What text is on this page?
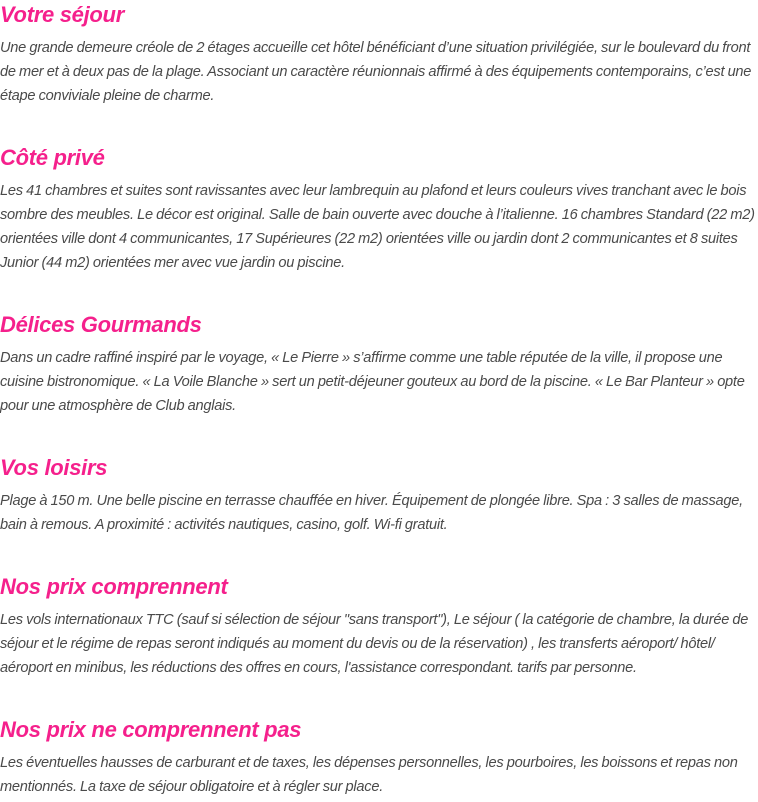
Votre séjour

Une grande demeure créole de 2 étages accueille cet hôtel bénéficiant d’une situation privilégiée, sur le boulevard du front de mer et à deux pas de la plage. Associant un caractère réunionnais affirmé à des équipements contemporains, c’est une étape conviviale pleine de charme.

Côté privé

Les 41 chambres et suites sont ravissantes avec leur lambrequin au plafond et leurs couleurs vives tranchant avec le bois sombre des meubles. Le décor est original. Salle de bain ouverte avec douche à l’italienne. 16 chambres Standard (22 m2) orientées ville dont 4 communicantes, 17 Supérieures (22 m2) orientées ville ou jardin dont 2 communicantes et 8 suites Junior (44 m2) orientées mer avec vue jardin ou piscine.

Délices Gourmands

Dans un cadre raffiné inspiré par le voyage, « Le Pierre » s’affirme comme une table réputée de la ville, il propose une cuisine bistronomique. « La Voile Blanche » sert un petit-déjeuner gouteux au bord de la piscine. « Le Bar Planteur » opte pour une atmosphère de Club anglais.

Vos loisirs

Plage à 150 m. Une belle piscine en terrasse chauffée en hiver. Équipement de plongée libre. Spa : 3 salles de massage, bain à remous. A proximité : activités nautiques, casino, golf. Wi-fi gratuit.

Nos prix comprennent

Les vols internationaux TTC (sauf si sélection de séjour "sans transport"), Le séjour ( la catégorie de chambre, la durée de séjour et le régime de repas seront indiqués au moment du devis ou de la réservation) , les transferts aéroport/ hôtel/ aéroport en minibus, les réductions des offres en cours, l'assistance correspondant. tarifs par personne.

Nos prix ne comprennent pas

Les éventuelles hausses de carburant et de taxes, les dépenses personnelles, les pourboires, les boissons et repas non mentionnés. La taxe de séjour obligatoire et à régler sur place.
